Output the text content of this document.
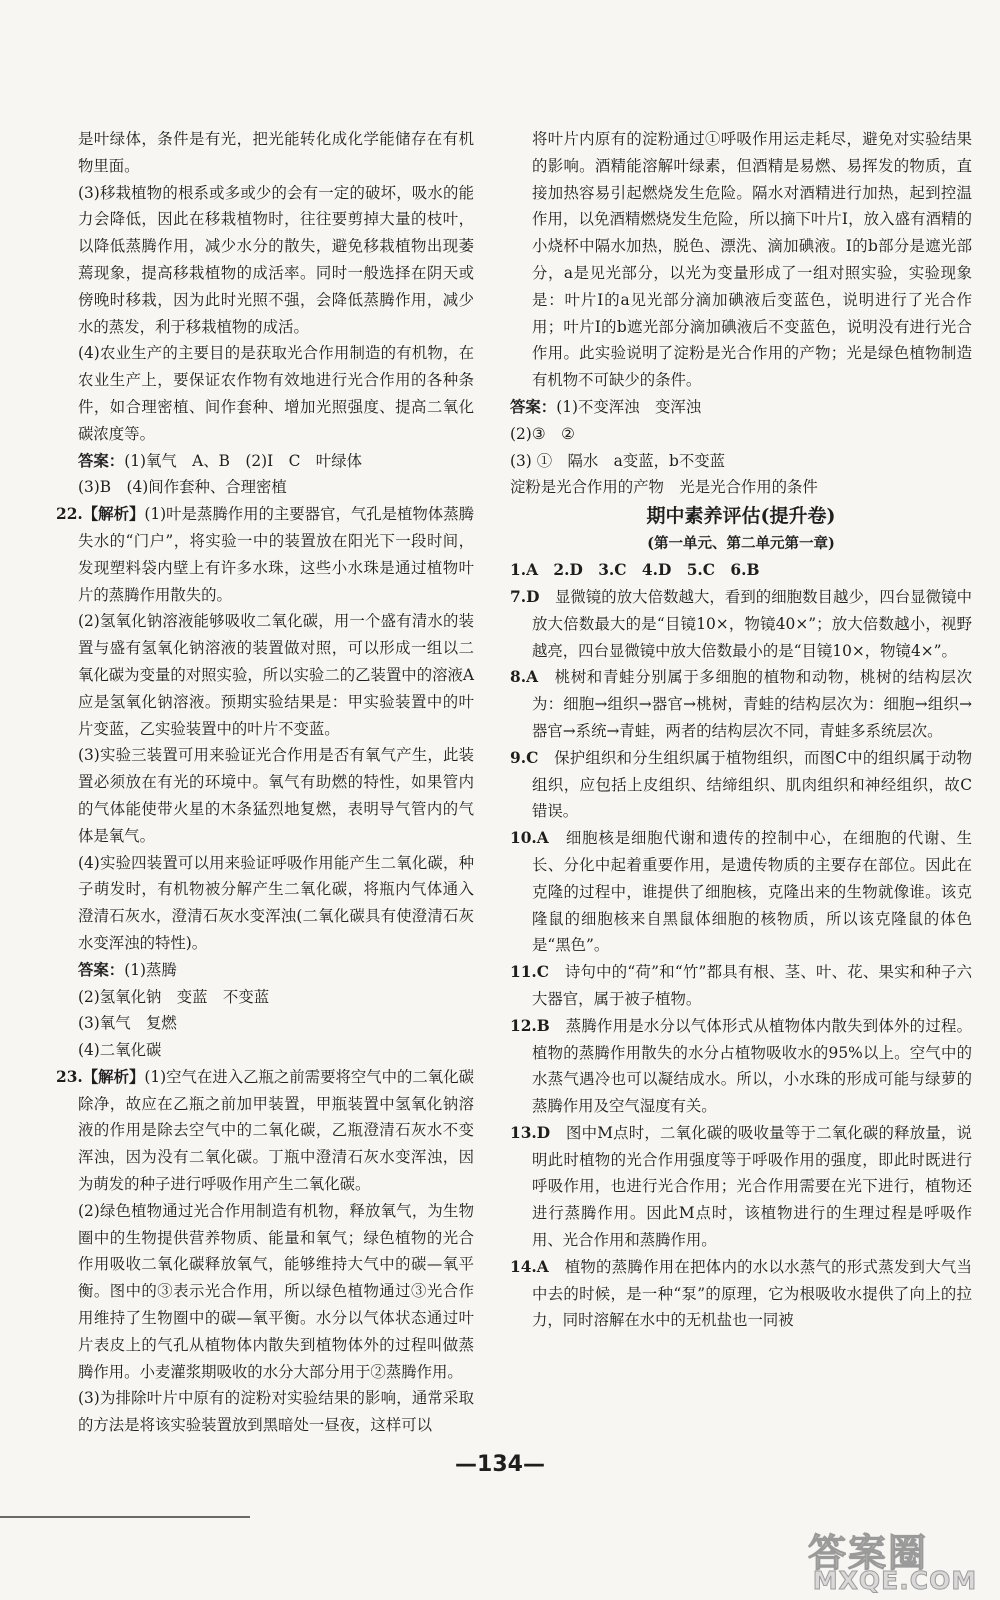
是叶绿体，条件是有光，把光能转化成化学能储存在有机物里面。

(3)移栽植物的根系或多或少的会有一定的破坏，吸水的能力会降低，因此在移栽植物时，往往要剪掉大量的枝叶，以降低蒸腾作用，减少水分的散失，避免移栽植物出现萎蔫现象，提高移栽植物的成活率。同时一般选择在阴天或傍晚时移栽，因为此时光照不强，会降低蒸腾作用，减少水的蒸发，利于移栽植物的成活。

(4)农业生产的主要目的是获取光合作用制造的有机物，在农业生产上，要保证农作物有效地进行光合作用的各种条件，如合理密植、间作套种、增加光照强度、提高二氧化碳浓度等。

答案：(1)氧气　A、B　(2)Ⅰ　C　叶绿体

(3)B　(4)间作套种、合理密植

22.【解析】(1)叶是蒸腾作用的主要器官，气孔是植物体蒸腾失水的“门户”，将实验一中的装置放在阳光下一段时间，发现塑料袋内壁上有许多水珠，这些小水珠是通过植物叶片的蒸腾作用散失的。

(2)氢氧化钠溶液能够吸收二氧化碳，用一个盛有清水的装置与盛有氢氧化钠溶液的装置做对照，可以形成一组以二氧化碳为变量的对照实验，所以实验二的乙装置中的溶液A应是氢氧化钠溶液。预期实验结果是：甲实验装置中的叶片变蓝，乙实验装置中的叶片不变蓝。

(3)实验三装置可用来验证光合作用是否有氧气产生，此装置必须放在有光的环境中。氧气有助燃的特性，如果管内的气体能使带火星的木条猛烈地复燃，表明导气管内的气体是氧气。

(4)实验四装置可以用来验证呼吸作用能产生二氧化碳，种子萌发时，有机物被分解产生二氧化碳，将瓶内气体通入澄清石灰水，澄清石灰水变浑浊(二氧化碳具有使澄清石灰水变浑浊的特性)。

答案：(1)蒸腾

(2)氢氧化钠　变蓝　不变蓝

(3)氧气　复燃

(4)二氧化碳

23.【解析】(1)空气在进入乙瓶之前需要将空气中的二氧化碳除净，故应在乙瓶之前加甲装置，甲瓶装置中氢氧化钠溶液的作用是除去空气中的二氧化碳，乙瓶澄清石灰水不变浑浊，因为没有二氧化碳。丁瓶中澄清石灰水变浑浊，因为萌发的种子进行呼吸作用产生二氧化碳。

(2)绿色植物通过光合作用制造有机物，释放氧气，为生物圈中的生物提供营养物质、能量和氧气；绿色植物的光合作用吸收二氧化碳释放氧气，能够维持大气中的碳—氧平衡。图中的③表示光合作用，所以绿色植物通过③光合作用维持了生物圈中的碳—氧平衡。水分以气体状态通过叶片表皮上的气孔从植物体内散失到植物体外的过程叫做蒸腾作用。小麦灌浆期吸收的水分大部分用于②蒸腾作用。

(3)为排除叶片中原有的淀粉对实验结果的影响，通常采取的方法是将该实验装置放到黑暗处一昼夜，这样可以

将叶片内原有的淀粉通过①呼吸作用运走耗尽，避免对实验结果的影响。酒精能溶解叶绿素，但酒精是易燃、易挥发的物质，直接加热容易引起燃烧发生危险。隔水对酒精进行加热，起到控温作用，以免酒精燃烧发生危险，所以摘下叶片Ⅰ，放入盛有酒精的小烧杯中隔水加热，脱色、漂洗、滴加碘液。Ⅰ的b部分是遮光部分，a是见光部分，以光为变量形成了一组对照实验，实验现象是：叶片Ⅰ的a见光部分滴加碘液后变蓝色，说明进行了光合作用；叶片Ⅰ的b遮光部分滴加碘液后不变蓝色，说明没有进行光合作用。此实验说明了淀粉是光合作用的产物；光是绿色植物制造有机物不可缺少的条件。

答案：(1)不变浑浊　变浑浊

(2)③　②

(3) ①　隔水　a变蓝，b不变蓝

淀粉是光合作用的产物　光是光合作用的条件

期中素养评估(提升卷)

(第一单元、第二单元第一章)

1.A　2.D　3.C　4.D　5.C　6.B

7.D　 显微镜的放大倍数越大，看到的细胞数目越少，四台显微镜中放大倍数最大的是“目镜10×，物镜40×”；放大倍数越小，视野越亮，四台显微镜中放大倍数最小的是“目镜10×，物镜4×”。

8.A　 桃树和青蛙分别属于多细胞的植物和动物，桃树的结构层次为：细胞→组织→器官→桃树，青蛙的结构层次为：细胞→组织→器官→系统→青蛙，两者的结构层次不同，青蛙多系统层次。

9.C　 保护组织和分生组织属于植物组织，而图C中的组织属于动物组织，应包括上皮组织、结缔组织、肌肉组织和神经组织，故C错误。

10.A　 细胞核是细胞代谢和遗传的控制中心，在细胞的代谢、生长、分化中起着重要作用，是遗传物质的主要存在部位。因此在克隆的过程中，谁提供了细胞核，克隆出来的生物就像谁。该克隆鼠的细胞核来自黑鼠体细胞的核物质，所以该克隆鼠的体色是“黑色”。

11.C　 诗句中的“荷”和“竹”都具有根、茎、叶、花、果实和种子六大器官，属于被子植物。

12.B　 蒸腾作用是水分以气体形式从植物体内散失到体外的过程。植物的蒸腾作用散失的水分占植物吸收水的95%以上。空气中的水蒸气遇冷也可以凝结成水。所以，小水珠的形成可能与绿萝的蒸腾作用及空气湿度有关。

13.D　 图中M点时，二氧化碳的吸收量等于二氧化碳的释放量，说明此时植物的光合作用强度等于呼吸作用的强度，即此时既进行呼吸作用，也进行光合作用；光合作用需要在光下进行，植物还进行蒸腾作用。因此M点时，该植物进行的生理过程是呼吸作用、光合作用和蒸腾作用。

14.A　 植物的蒸腾作用在把体内的水以水蒸气的形式蒸发到大气当中去的时候，是一种“泵”的原理，它为根吸收水提供了向上的拉力，同时溶解在水中的无机盐也一同被

—134—
答案圈
MXQE.COM
